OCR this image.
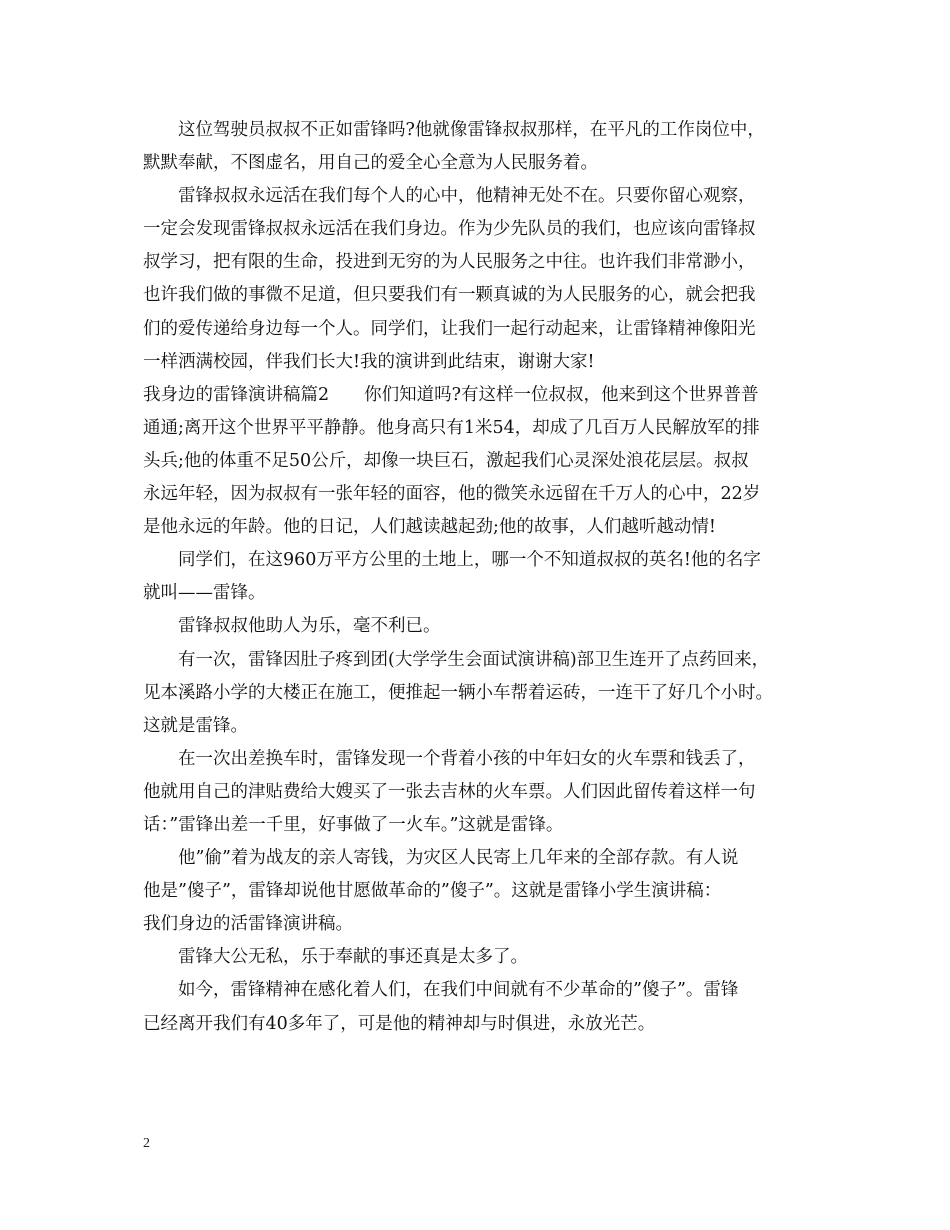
　　这位驾驶员叔叔不正如雷锋吗?他就像雷锋叔叔那样，在平凡的工作岗位中，
默默奉献，不图虚名，用自己的爱全心全意为人民服务着。
　　雷锋叔叔永远活在我们每个人的心中，他精神无处不在。只要你留心观察，
一定会发现雷锋叔叔永远活在我们身边。作为少先队员的我们，也应该向雷锋叔
叔学习，把有限的生命，投进到无穷的为人民服务之中往。也许我们非常渺小，
也许我们做的事微不足道，但只要我们有一颗真诚的为人民服务的心，就会把我
们的爱传递给身边每一个人。同学们，让我们一起行动起来，让雷锋精神像阳光
一样洒满校园，伴我们长大!我的演讲到此结束，谢谢大家!
我身边的雷锋演讲稿篇2　　你们知道吗?有这样一位叔叔，他来到这个世界普普
通通;离开这个世界平平静静。他身高只有1米54，却成了几百万人民解放军的排
头兵;他的体重不足50公斤，却像一块巨石，激起我们心灵深处浪花层层。叔叔
永远年轻，因为叔叔有一张年轻的面容，他的微笑永远留在千万人的心中，22岁
是他永远的年龄。他的日记，人们越读越起劲;他的故事，人们越听越动情!
　　同学们，在这960万平方公里的土地上，哪一个不知道叔叔的英名!他的名字
就叫——雷锋。
　　雷锋叔叔他助人为乐，毫不利已。
　　有一次，雷锋因肚子疼到团(大学学生会面试演讲稿)部卫生连开了点药回来，
见本溪路小学的大楼正在施工，便推起一辆小车帮着运砖，一连干了好几个小时。
这就是雷锋。
　　在一次出差换车时，雷锋发现一个背着小孩的中年妇女的火车票和钱丢了，
他就用自己的津贴费给大嫂买了一张去吉林的火车票。人们因此留传着这样一句
话：”雷锋出差一千里，好事做了一火车。”这就是雷锋。
　　他”偷”着为战友的亲人寄钱，为灾区人民寄上几年来的全部存款。有人说
他是”傻子”，雷锋却说他甘愿做革命的”傻子”。这就是雷锋小学生演讲稿：
我们身边的活雷锋演讲稿。
　　雷锋大公无私，乐于奉献的事还真是太多了。
　　如今，雷锋精神在感化着人们，在我们中间就有不少革命的”傻子”。雷锋
已经离开我们有40多年了，可是他的精神却与时俱进，永放光芒。
2
